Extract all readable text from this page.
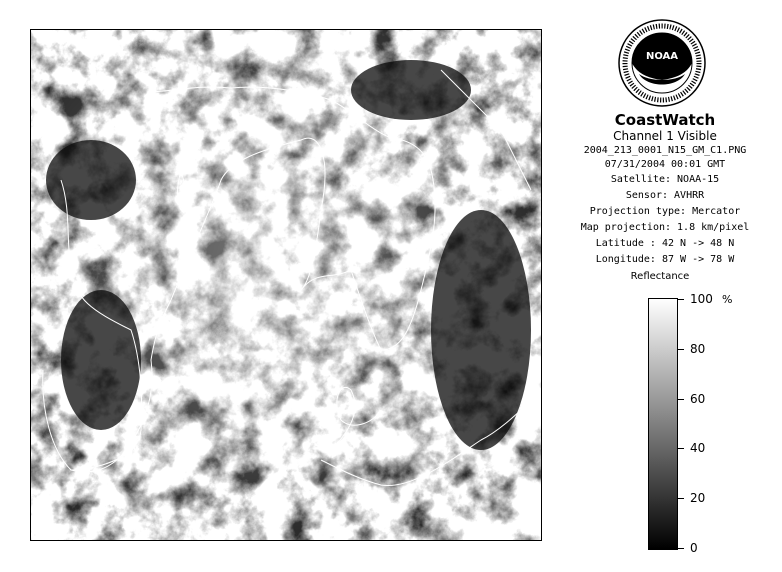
NOAA
CoastWatch
Channel 1 Visible
2004_213_0001_N15_GM_C1.PNG
07/31/2004 00:01 GMT
Satellite: NOAA-15
Sensor: AVHRR
Projection type: Mercator
Map projection: 1.8 km/pixel
Latitude : 42 N -> 48 N
Longitude: 87 W -> 78 W
Reflectance
%
100
80
60
40
20
0
